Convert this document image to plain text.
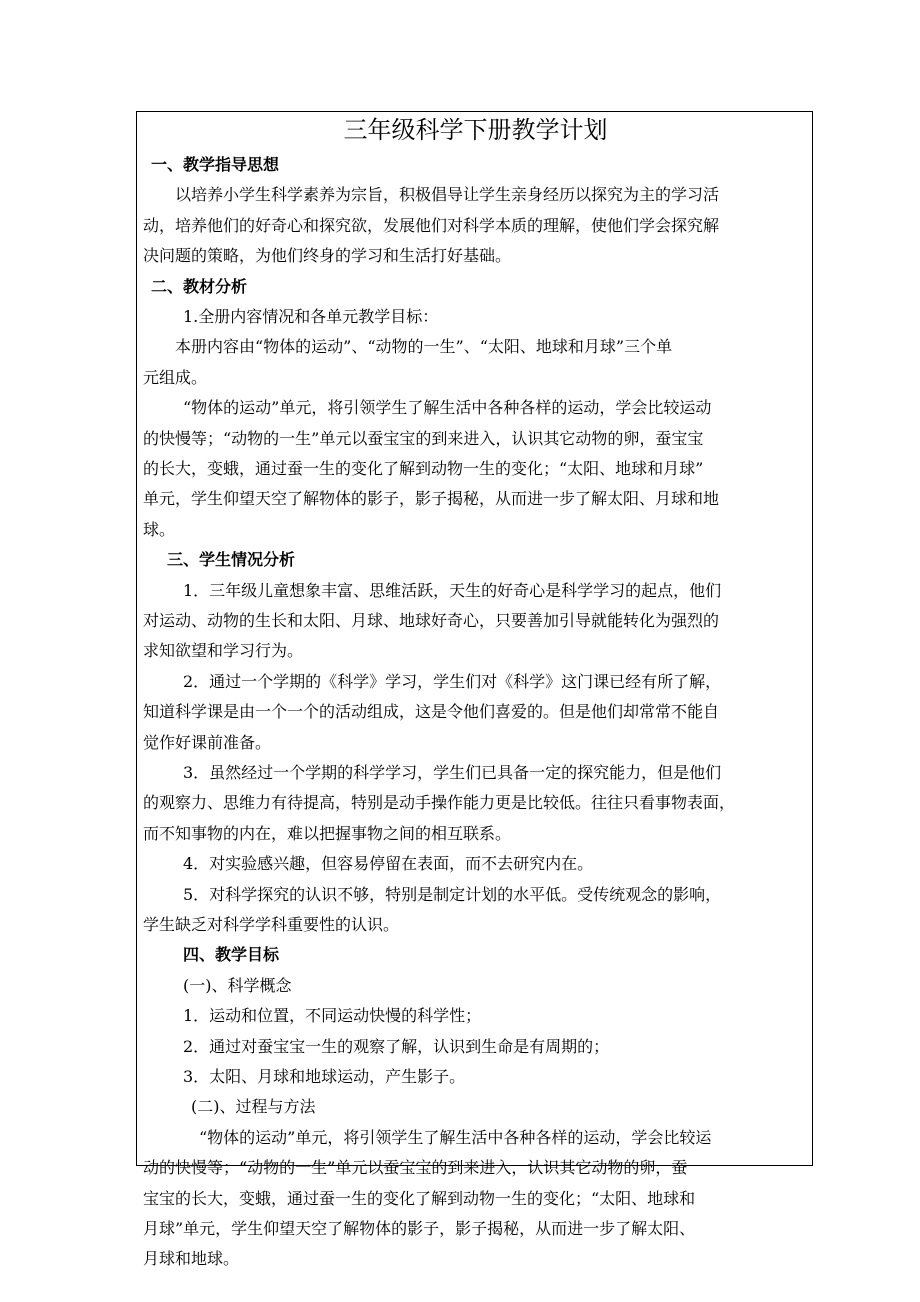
三年级科学下册教学计划
一、教学指导思想
以培养小学生科学素养为宗旨，积极倡导让学生亲身经历以探究为主的学习活
动，培养他们的好奇心和探究欲，发展他们对科学本质的理解，使他们学会探究解
决问题的策略，为他们终身的学习和生活打好基础。
二、教材分析
1.全册内容情况和各单元教学目标：
本册内容由“物体的运动”、“动物的一生”、“太阳、地球和月球”三个单
元组成。
“物体的运动”单元，将引领学生了解生活中各种各样的运动，学会比较运动
的快慢等；“动物的一生”单元以蚕宝宝的到来进入，认识其它动物的卵，蚕宝宝
的长大，变蛾，通过蚕一生的变化了解到动物一生的变化；“太阳、地球和月球”
单元，学生仰望天空了解物体的影子，影子揭秘，从而进一步了解太阳、月球和地
球。
三、学生情况分析
1．三年级儿童想象丰富、思维活跃，天生的好奇心是科学学习的起点，他们
对运动、动物的生长和太阳、月球、地球好奇心，只要善加引导就能转化为强烈的
求知欲望和学习行为。
2．通过一个学期的《科学》学习，学生们对《科学》这门课已经有所了解，
知道科学课是由一个一个的活动组成，这是令他们喜爱的。但是他们却常常不能自
觉作好课前准备。
3．虽然经过一个学期的科学学习，学生们已具备一定的探究能力，但是他们
的观察力、思维力有待提高，特别是动手操作能力更是比较低。往往只看事物表面，
而不知事物的内在，难以把握事物之间的相互联系。
4．对实验感兴趣，但容易停留在表面，而不去研究内在。
5．对科学探究的认识不够，特别是制定计划的水平低。受传统观念的影响，
学生缺乏对科学学科重要性的认识。
四、教学目标
(一)、科学概念
1．运动和位置，不同运动快慢的科学性；
2．通过对蚕宝宝一生的观察了解，认识到生命是有周期的；
3．太阳、月球和地球运动，产生影子。
(二)、过程与方法
“物体的运动”单元，将引领学生了解生活中各种各样的运动，学会比较运
动的快慢等；“动物的一生”单元以蚕宝宝的到来进入，认识其它动物的卵，蚕
宝宝的长大，变蛾，通过蚕一生的变化了解到动物一生的变化；“太阳、地球和
月球”单元，学生仰望天空了解物体的影子，影子揭秘，从而进一步了解太阳、
月球和地球。
